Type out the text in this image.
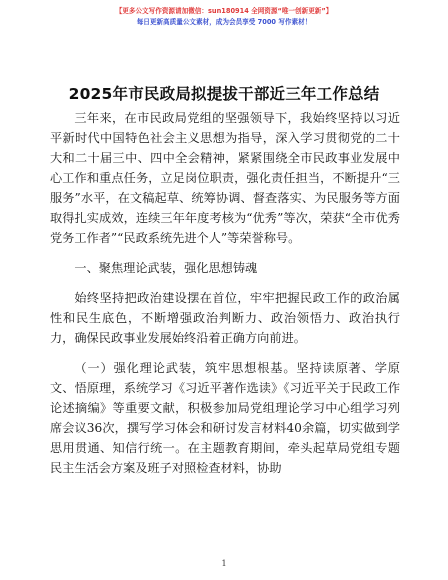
【更多公文写作资源请加微信：sun180914 全网资源“唯一创新更新”】
每日更新高质量公文素材，成为会员享受 7000 写作素材！
2025年市民政局拟提拔干部近三年工作总结

三年来，在市民政局党组的坚强领导下，我始终坚持以习近平新时代中国特色社会主义思想为指导，深入学习贯彻党的二十大和二十届三中、四中全会精神，紧紧围绕全市民政事业发展中心工作和重点任务，立足岗位职责，强化责任担当，不断提升“三服务”水平，在文稿起草、统筹协调、督查落实、为民服务等方面取得扎实成效，连续三年年度考核为“优秀”等次，荣获“全市优秀党务工作者”“民政系统先进个人”等荣誉称号。

一、聚焦理论武装，强化思想铸魂

始终坚持把政治建设摆在首位，牢牢把握民政工作的政治属性和民生底色，不断增强政治判断力、政治领悟力、政治执行力，确保民政事业发展始终沿着正确方向前进。

（一）强化理论武装，筑牢思想根基。坚持读原著、学原文、悟原理，系统学习《习近平著作选读》《习近平关于民政工作论述摘编》等重要文献，积极参加局党组理论学习中心组学习列席会议36次，撰写学习体会和研讨发言材料40余篇，切实做到学思用贯通、知信行统一。在主题教育期间，牵头起草局党组专题民主生活会方案及班子对照检查材料，协助

1
